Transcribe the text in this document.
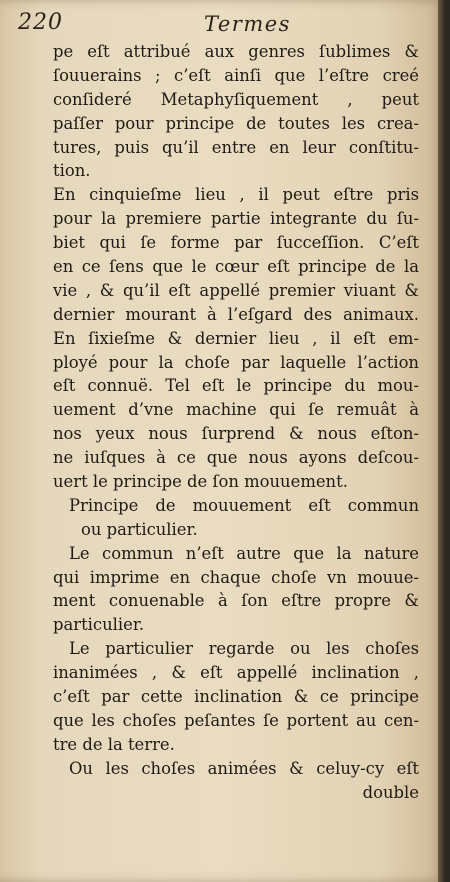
220	Termes
pe eſt attribué aux genres ſublimes &
ſouuerains ; c’eſt ainſi que l’eſtre creé
conſideré Metaphyſiquement , peut
paſſer pour principe de toutes les crea-
tures, puis qu’il entre en leur conſtitu-
tion.
En cinquieſme lieu , il peut eſtre pris
pour la premiere partie integrante du ſu-
biet qui ſe forme par ſucceſſion. C’eſt
en ce ſens que le cœur eſt principe de la
vie , & qu’il eſt appellé premier viuant &
dernier mourant à l’eſgard des animaux.
En ſixieſme & dernier lieu , il eſt em-
ployé pour la choſe par laquelle l’action
eſt connuë. Tel eſt le principe du mou-
uement d’vne machine qui ſe remuât à
nos yeux nous ſurprend & nous eſton-
ne iuſques à ce que nous ayons deſcou-
uert le principe de ſon mouuement.
Principe de mouuement eſt commun
ou particulier.
Le commun n’eſt autre que la nature
qui imprime en chaque choſe vn mouue-
ment conuenable à ſon eſtre propre &
particulier.
Le particulier regarde ou les choſes
inanimées , & eſt appellé inclination ,
c’eſt par cette inclination & ce principe
que les choſes peſantes ſe portent au cen-
tre de la terre.
Ou les choſes animées & celuy-cy eſt
double
